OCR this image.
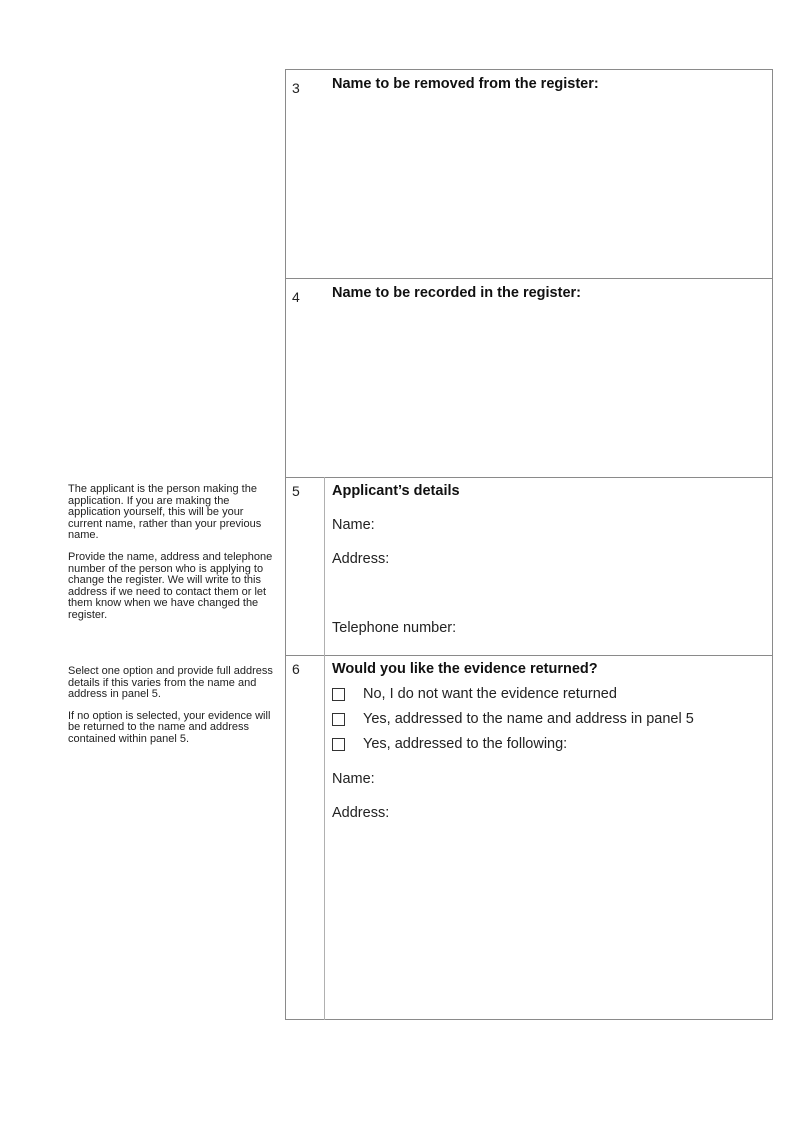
3 Name to be removed from the register:
4 Name to be recorded in the register:

The applicant is the person making the application. If you are making the application yourself, this will be your current name, rather than your previous name.

Provide the name, address and telephone number of the person who is applying to change the register. We will write to this address if we need to contact them or let them know when we have changed the register.

5 Applicant’s details
Name:
Address:
Telephone number:

Select one option and provide full address details if this varies from the name and address in panel 5.

If no option is selected, your evidence will be returned to the name and address contained within panel 5.

6 Would you like the evidence returned?
No, I do not want the evidence returned
Yes, addressed to the name and address in panel 5
Yes, addressed to the following:
Name:
Address:
